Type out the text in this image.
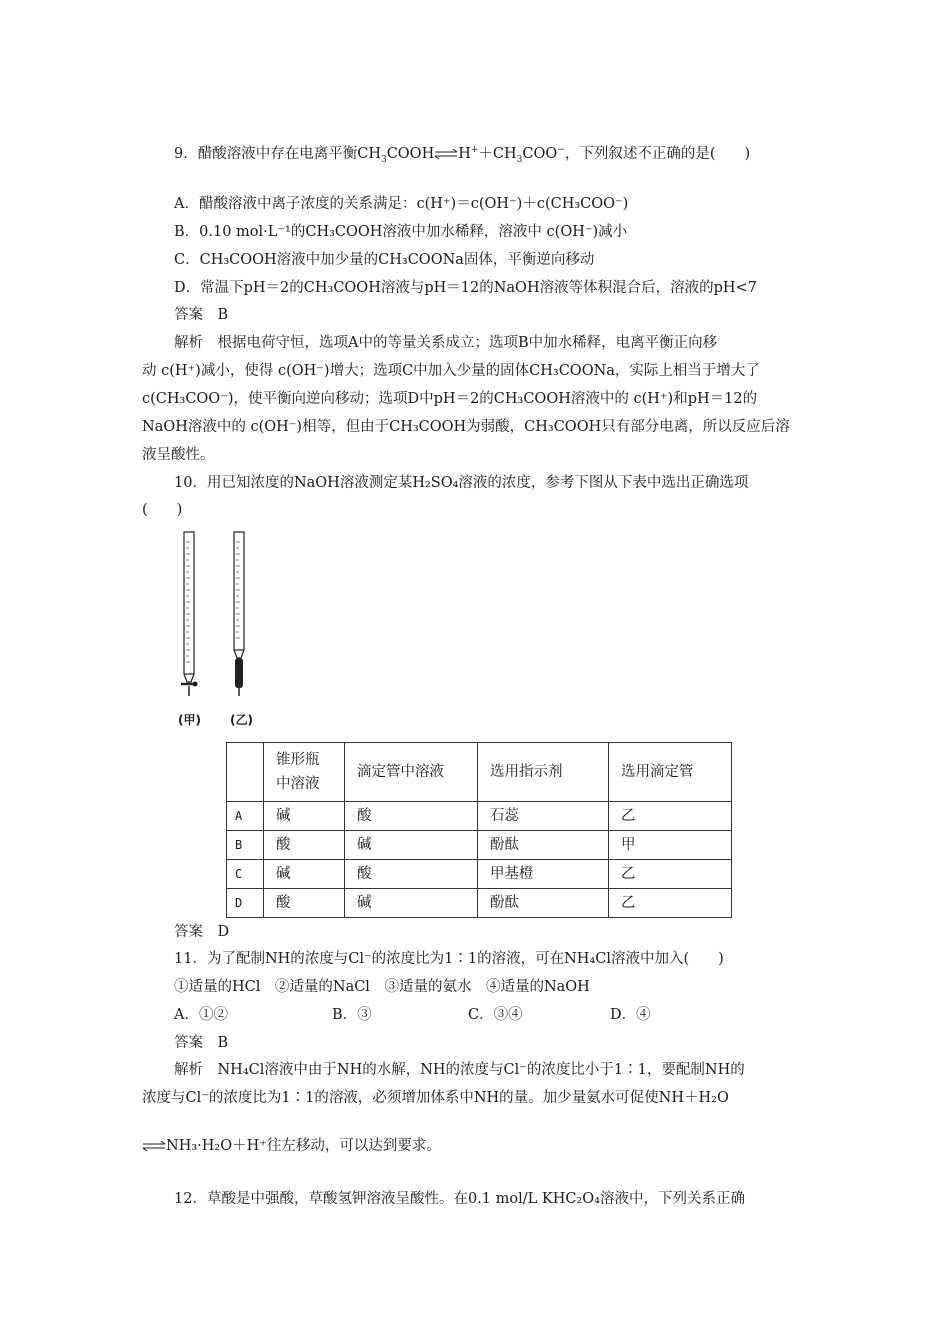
9．醋酸溶液中存在电离平衡$CH_3COOH\rightleftharpoons H^++CH_3COO^-$，下列叙述不正确的是(　　)
A．醋酸溶液中离子浓度的关系满足：c(H⁺)＝c(OH⁻)＋c(CH₃COO⁻)
B．0.10 mol·L⁻¹的CH₃COOH溶液中加水稀释，溶液中 c(OH⁻)减小
C．CH₃COOH溶液中加少量的CH₃COONa固体，平衡逆向移动
D．常温下pH＝2的CH₃COOH溶液与pH＝12的NaOH溶液等体积混合后，溶液的pH<7
答案　B
解析　根据电荷守恒，选项A中的等量关系成立；选项B中加水稀释，电离平衡正向移
动 c(H⁺)减小，使得 c(OH⁻)增大；选项C中加入少量的固体CH₃COONa，实际上相当于增大了
c(CH₃COO⁻)，使平衡向逆向移动；选项D中pH＝2的CH₃COOH溶液中的 c(H⁺)和pH＝12的
NaOH溶液中的 c(OH⁻)相等，但由于CH₃COOH为弱酸，CH₃COOH只有部分电离，所以反应后溶
液呈酸性。
10．用已知浓度的NaOH溶液测定某H₂SO₄溶液的浓度，参考下图从下表中选出正确选项
(　　)
(甲) (乙)
	锥形瓶中溶液	滴定管中溶液	选用指示剂	选用滴定管
A	碱	酸	石蕊	乙
B	酸	碱	酚酞	甲
C	碱	酸	甲基橙	乙
D	酸	碱	酚酞	乙
答案　D
11．为了配制NH的浓度与Cl⁻的浓度比为1∶1的溶液，可在NH₄Cl溶液中加入(　　)
①适量的HCl　②适量的NaCl　③适量的氨水　④适量的NaOH
A．①②	B．③	C．③④	D．④
答案　B
解析　NH₄Cl溶液中由于NH的水解，NH的浓度与Cl⁻的浓度比小于1∶1，要配制NH的
浓度与Cl⁻的浓度比为1∶1的溶液，必须增加体系中NH的量。加少量氨水可促使NH＋H₂O
⇌NH₃·H₂O＋H⁺往左移动，可以达到要求。
12．草酸是中强酸，草酸氢钾溶液呈酸性。在0.1 mol/L KHC₂O₄溶液中，下列关系正确
